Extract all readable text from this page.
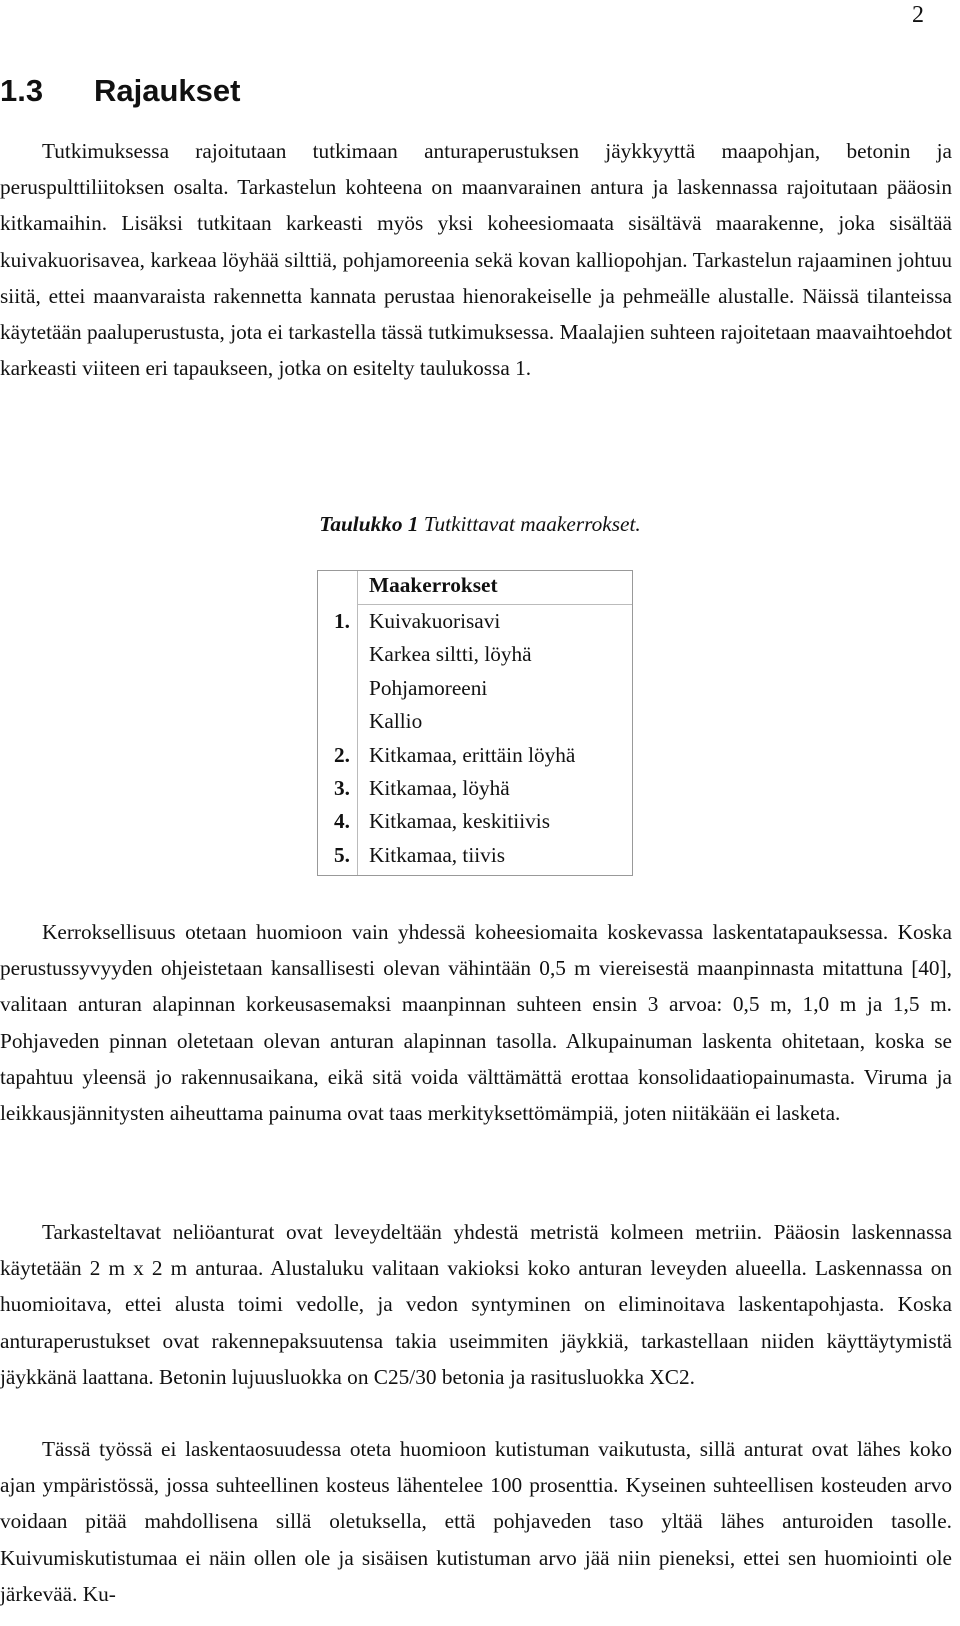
2
1.3 Rajaukset

Tutkimuksessa rajoitutaan tutkimaan anturaperustuksen jäykkyyttä maapohjan, betonin ja peruspulttiliitoksen osalta. Tarkastelun kohteena on maanvarainen antura ja laskennassa rajoitutaan pääosin kitkamaihin. Lisäksi tutkitaan karkeasti myös yksi koheesiomaata sisältävä maarakenne, joka sisältää kuivakuorisavea, karkeaa löyhää silttiä, pohjamoreenia sekä kovan kalliopohjan. Tarkastelun rajaaminen johtuu siitä, ettei maanvaraista rakennetta kannata perustaa hienorakeiselle ja pehmeälle alustalle. Näissä tilanteissa käytetään paaluperustusta, jota ei tarkastella tässä tutkimuksessa. Maalajien suhteen rajoitetaan maavaihtoehdot karkeasti viiteen eri tapaukseen, jotka on esitelty taulukossa 1.

Taulukko 1 Tutkittavat maakerrokset.
Maakerrokset
1. Kuivakuorisavi
Karkea siltti, löyhä
Pohjamoreeni
Kallio
2. Kitkamaa, erittäin löyhä
3. Kitkamaa, löyhä
4. Kitkamaa, keskitiivis
5. Kitkamaa, tiivis

Kerroksellisuus otetaan huomioon vain yhdessä koheesiomaita koskevassa laskentatapauksessa. Koska perustussyvyyden ohjeistetaan kansallisesti olevan vähintään 0,5 m viereisestä maanpinnasta mitattuna [40], valitaan anturan alapinnan korkeusasemaksi maanpinnan suhteen ensin 3 arvoa: 0,5 m, 1,0 m ja 1,5 m. Pohjaveden pinnan oletetaan olevan anturan alapinnan tasolla. Alkupainuman laskenta ohitetaan, koska se tapahtuu yleensä jo rakennusaikana, eikä sitä voida välttämättä erottaa konsolidaatiopainumasta. Viruma ja leikkausjännitysten aiheuttama painuma ovat taas merkityksettömämpiä, joten niitäkään ei lasketa.

Tarkasteltavat neliöanturat ovat leveydeltään yhdestä metristä kolmeen metriin. Pääosin laskennassa käytetään 2 m x 2 m anturaa. Alustaluku valitaan vakioksi koko anturan leveyden alueella. Laskennassa on huomioitava, ettei alusta toimi vedolle, ja vedon syntyminen on eliminoitava laskentapohjasta. Koska anturaperustukset ovat rakennepaksuutensa takia useimmiten jäykkiä, tarkastellaan niiden käyttäytymistä jäykkänä laattana. Betonin lujuusluokka on C25/30 betonia ja rasitusluokka XC2.

Tässä työssä ei laskentaosuudessa oteta huomioon kutistuman vaikutusta, sillä anturat ovat lähes koko ajan ympäristössä, jossa suhteellinen kosteus lähentelee 100 prosenttia. Kyseinen suhteellisen kosteuden arvo voidaan pitää mahdollisena sillä oletuksella, että pohjaveden taso yltää lähes anturoiden tasolle. Kuivumiskutistumaa ei näin ollen ole ja sisäisen kutistuman arvo jää niin pieneksi, ettei sen huomiointi ole järkevää. Ku-
